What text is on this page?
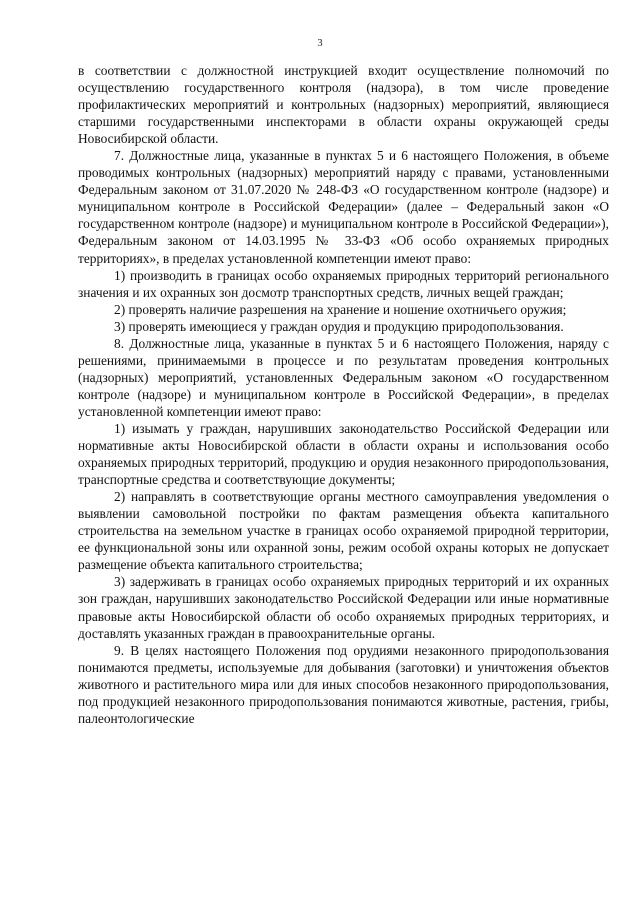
3

в соответствии с должностной инструкцией входит осуществление полномочий по осуществлению государственного контроля (надзора), в том числе проведение профилактических мероприятий и контрольных (надзорных) мероприятий, являющиеся старшими государственными инспекторами в области охраны окружающей среды Новосибирской области.

7. Должностные лица, указанные в пунктах 5 и 6 настоящего Положения, в объеме проводимых контрольных (надзорных) мероприятий наряду с правами, установленными Федеральным законом от 31.07.2020 № 248-ФЗ «О государственном контроле (надзоре) и муниципальном контроле в Российской Федерации» (далее – Федеральный закон «О государственном контроле (надзоре) и муниципальном контроле в Российской Федерации»), Федеральным законом от 14.03.1995 № 33-ФЗ «Об особо охраняемых природных территориях», в пределах установленной компетенции имеют право:

1) производить в границах особо охраняемых природных территорий регионального значения и их охранных зон досмотр транспортных средств, личных вещей граждан;

2) проверять наличие разрешения на хранение и ношение охотничьего оружия;

3) проверять имеющиеся у граждан орудия и продукцию природопользования.

8. Должностные лица, указанные в пунктах 5 и 6 настоящего Положения, наряду с решениями, принимаемыми в процессе и по результатам проведения контрольных (надзорных) мероприятий, установленных Федеральным законом «О государственном контроле (надзоре) и муниципальном контроле в Российской Федерации», в пределах установленной компетенции имеют право:

1) изымать у граждан, нарушивших законодательство Российской Федерации или нормативные акты Новосибирской области в области охраны и использования особо охраняемых природных территорий, продукцию и орудия незаконного природопользования, транспортные средства и соответствующие документы;

2) направлять в соответствующие органы местного самоуправления уведомления о выявлении самовольной постройки по фактам размещения объекта капитального строительства на земельном участке в границах особо охраняемой природной территории, ее функциональной зоны или охранной зоны, режим особой охраны которых не допускает размещение объекта капитального строительства;

3) задерживать в границах особо охраняемых природных территорий и их охранных зон граждан, нарушивших законодательство Российской Федерации или иные нормативные правовые акты Новосибирской области об особо охраняемых природных территориях, и доставлять указанных граждан в правоохранительные органы.

9. В целях настоящего Положения под орудиями незаконного природопользования понимаются предметы, используемые для добывания (заготовки) и уничтожения объектов животного и растительного мира или для иных способов незаконного природопользования, под продукцией незаконного природопользования понимаются животные, растения, грибы, палеонтологические
